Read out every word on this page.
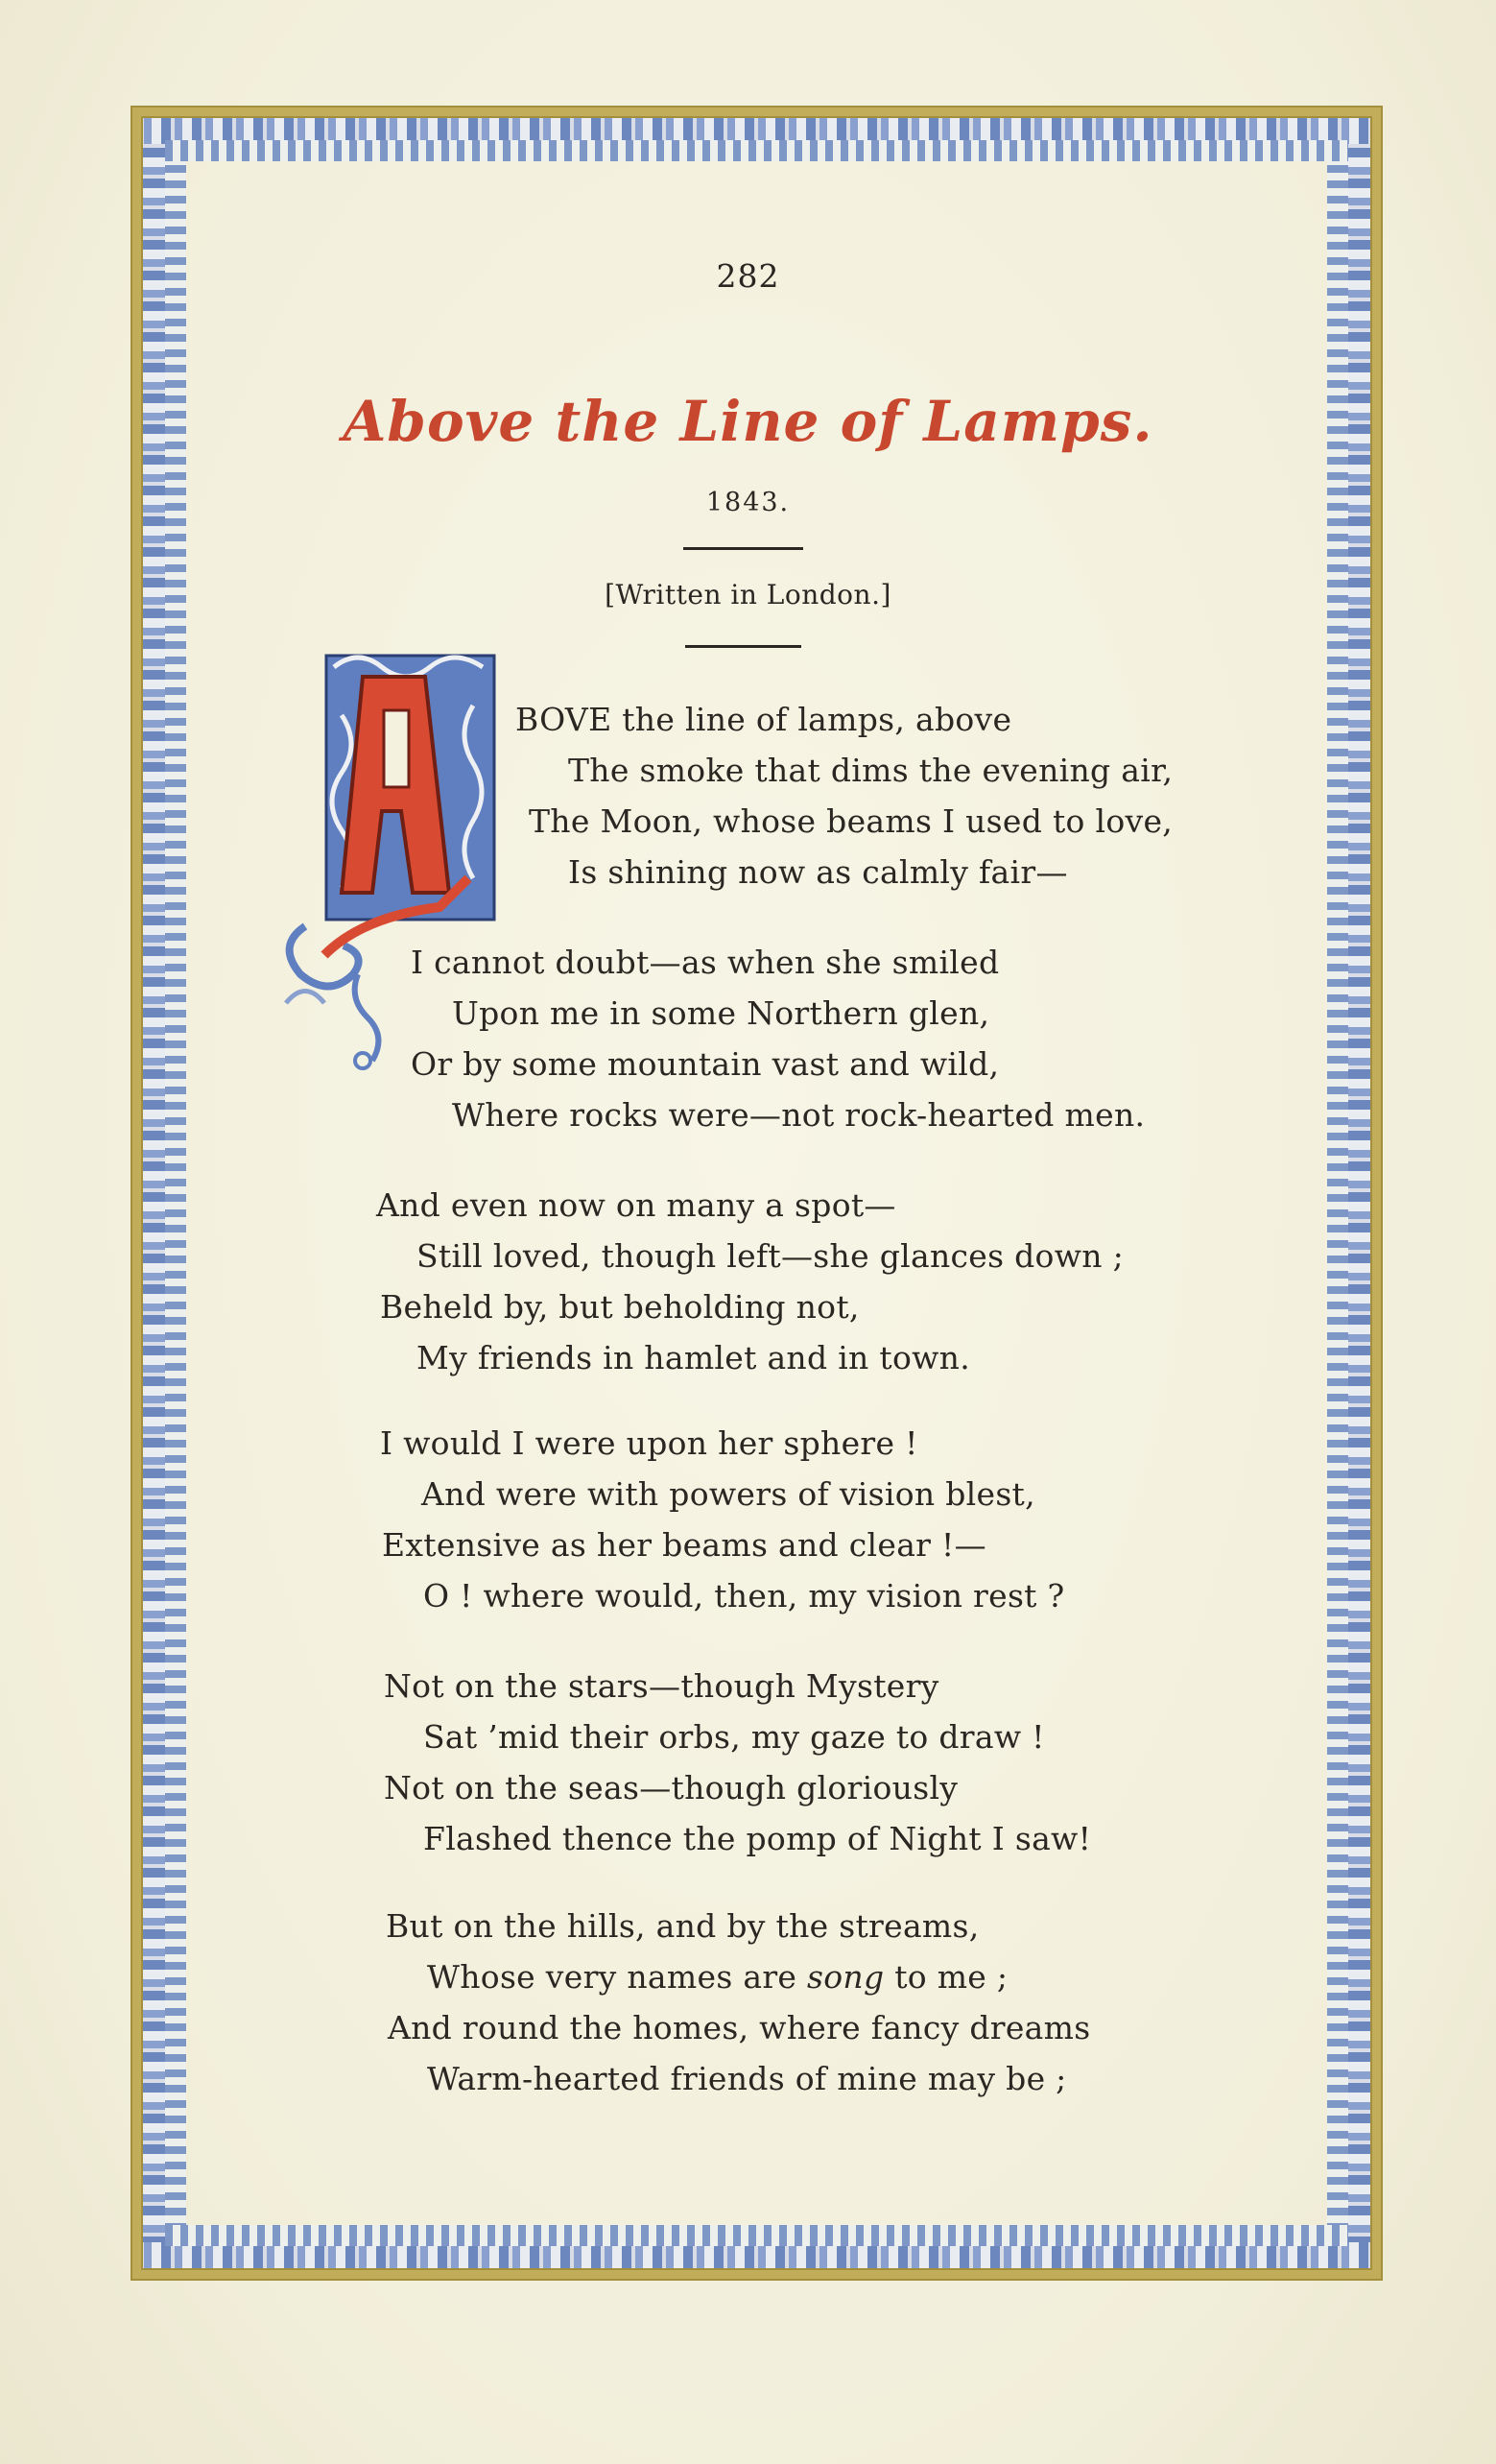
282
Above the Line of Lamps.
1843.
[Written in London.]
BOVE the line of lamps, above
The smoke that dims the evening air,
The Moon, whose beams I used to love,
Is shining now as calmly fair—
I cannot doubt—as when she smiled
Upon me in some Northern glen,
Or by some mountain vast and wild,
Where rocks were—not rock-hearted men.
And even now on many a spot—
Still loved, though left—she glances down ;
Beheld by, but beholding not,
My friends in hamlet and in town.
I would I were upon her sphere !
And were with powers of vision blest,
Extensive as her beams and clear !—
O ! where would, then, my vision rest ?
Not on the stars—though Mystery
Sat ’mid their orbs, my gaze to draw !
Not on the seas—though gloriously
Flashed thence the pomp of Night I saw!
But on the hills, and by the streams,
Whose very names are song to me ;
And round the homes, where fancy dreams
Warm-hearted friends of mine may be ;
